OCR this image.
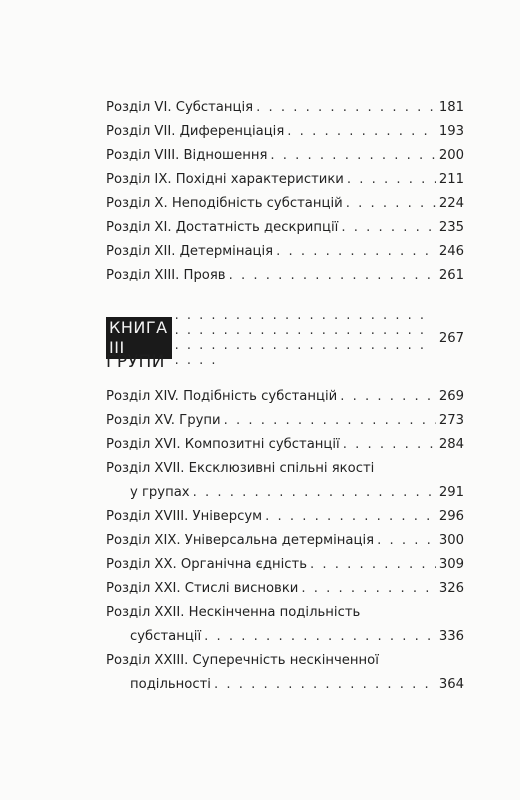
Розділ VI. Субстанція . . .	181
Розділ VII. Диференціація . . .	193
Розділ VIII. Відношення . . .	200
Розділ IX. Похідні характеристики . . .	211
Розділ X. Неподібність субстанцій . . .	224
Розділ XI. Достатність дескрипції . . .	235
Розділ XII. Детермінація . . .	246
Розділ XIII. Прояв . . .	261
КНИГА III . . .	267
ГРУПИ
Розділ XIV. Подібність субстанцій . . .	269
Розділ XV. Групи . . .	273
Розділ XVI. Композитні субстанції . . .	284
Розділ XVII. Ексклюзивні спільні якості
у групах . . .	291
Розділ XVIII. Універсум . . .	296
Розділ XIX. Універсальна детермінація . . .	300
Розділ XX. Органічна єдність . . .	309
Розділ XXI. Стислі висновки . . .	326
Розділ XXII. Нескінченна подільність
субстанції . . .	336
Розділ XXIII. Суперечність нескінченної
подільності . . .	364
